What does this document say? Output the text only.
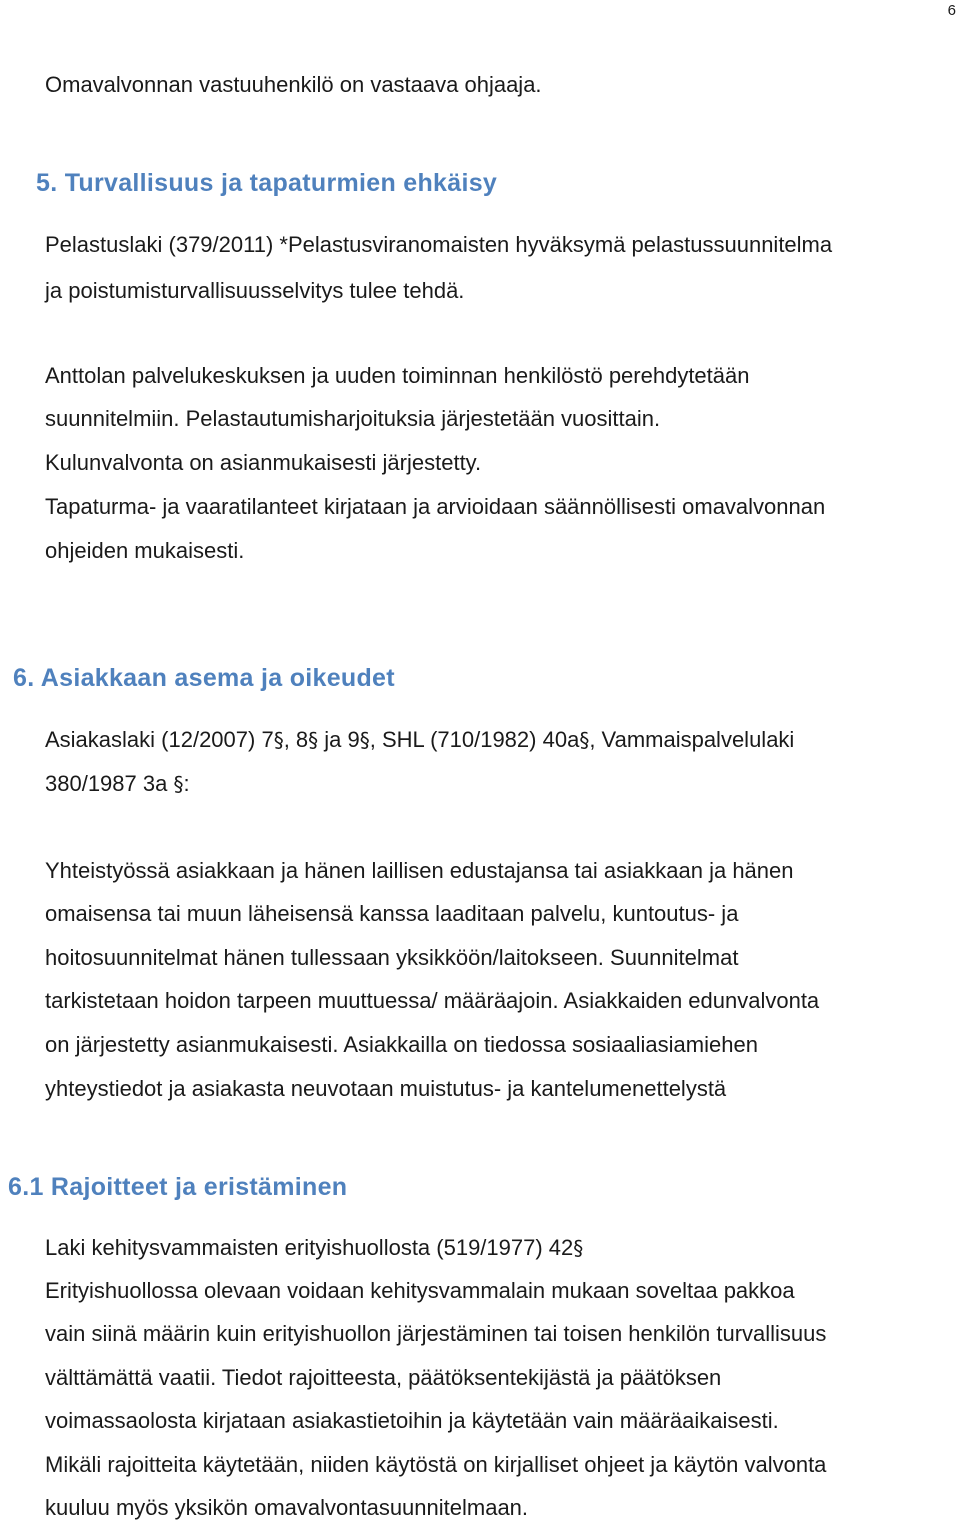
6
Omavalvonnan vastuuhenkilö on vastaava ohjaaja.
5. Turvallisuus ja tapaturmien ehkäisy
Pelastuslaki (379/2011) *Pelastusviranomaisten hyväksymä pelastussuunnitelma
ja poistumisturvallisuusselvitys tulee tehdä.
Anttolan palvelukeskuksen ja uuden toiminnan henkilöstö perehdytetään
suunnitelmiin. Pelastautumisharjoituksia järjestetään vuosittain.
Kulunvalvonta on asianmukaisesti järjestetty.
Tapaturma- ja vaaratilanteet kirjataan ja arvioidaan säännöllisesti omavalvonnan
ohjeiden mukaisesti.
6. Asiakkaan asema ja oikeudet
Asiakaslaki (12/2007) 7§, 8§ ja 9§, SHL (710/1982) 40a§, Vammaispalvelulaki
380/1987 3a §:
Yhteistyössä asiakkaan ja hänen laillisen edustajansa tai asiakkaan ja hänen
omaisensa tai muun läheisensä kanssa laaditaan palvelu, kuntoutus- ja
hoitosuunnitelmat hänen tullessaan yksikköön/laitokseen. Suunnitelmat
tarkistetaan hoidon tarpeen muuttuessa/ määräajoin. Asiakkaiden edunvalvonta
on järjestetty asianmukaisesti. Asiakkailla on tiedossa sosiaaliasiamiehen
yhteystiedot ja asiakasta neuvotaan muistutus- ja kantelumenettelystä
6.1 Rajoitteet ja eristäminen
Laki kehitysvammaisten erityishuollosta (519/1977) 42§
Erityishuollossa olevaan voidaan kehitysvammalain mukaan soveltaa pakkoa
vain siinä määrin kuin erityishuollon järjestäminen tai toisen henkilön turvallisuus
välttämättä vaatii. Tiedot rajoitteesta, päätöksentekijästä ja päätöksen
voimassaolosta kirjataan asiakastietoihin ja käytetään vain määräaikaisesti.
Mikäli rajoitteita käytetään, niiden käytöstä on kirjalliset ohjeet ja käytön valvonta
kuuluu myös yksikön omavalvontasuunnitelmaan.
